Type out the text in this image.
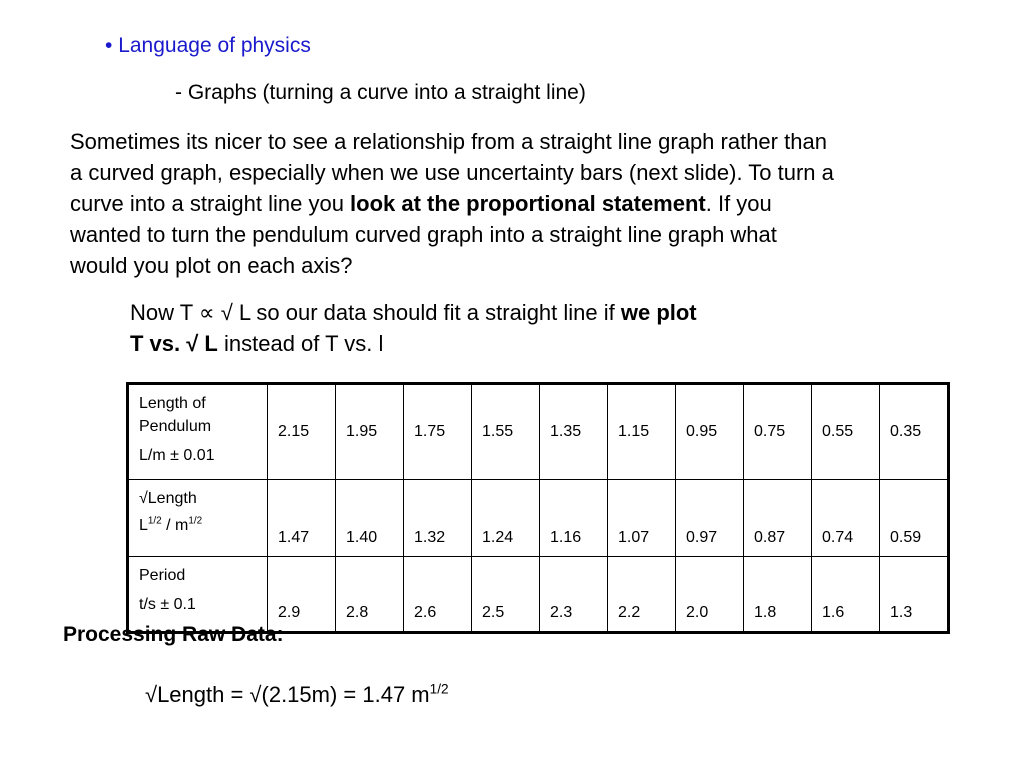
• Language of physics
- Graphs (turning a curve into a straight line)
Sometimes its nicer to see a relationship from a straight line graph rather than
a curved graph, especially when we use uncertainty bars (next slide). To turn a
curve into a straight line you look at the proportional statement. If you
wanted to turn the pendulum curved graph into a straight line graph what
would you plot on each axis?
Now T ∝ √ L so our data should fit a straight line if we plot
T vs. √ L instead of T vs. l
Length of
Pendulum
L/m ± 0.01	2.15	1.95	1.75	1.55	1.35	1.15	0.95	0.75	0.55	0.35

√Length
$L^{1/2} / m^{1/2}$	1.47	1.40	1.32	1.24	1.16	1.07	0.97	0.87	0.74	0.59

Period
t/s ± 0.1	2.9	2.8	2.6	2.5	2.3	2.2	2.0	1.8	1.6	1.3
Processing Raw Data:
√Length = √(2.15m) = 1.47 $m^{1/2}$
